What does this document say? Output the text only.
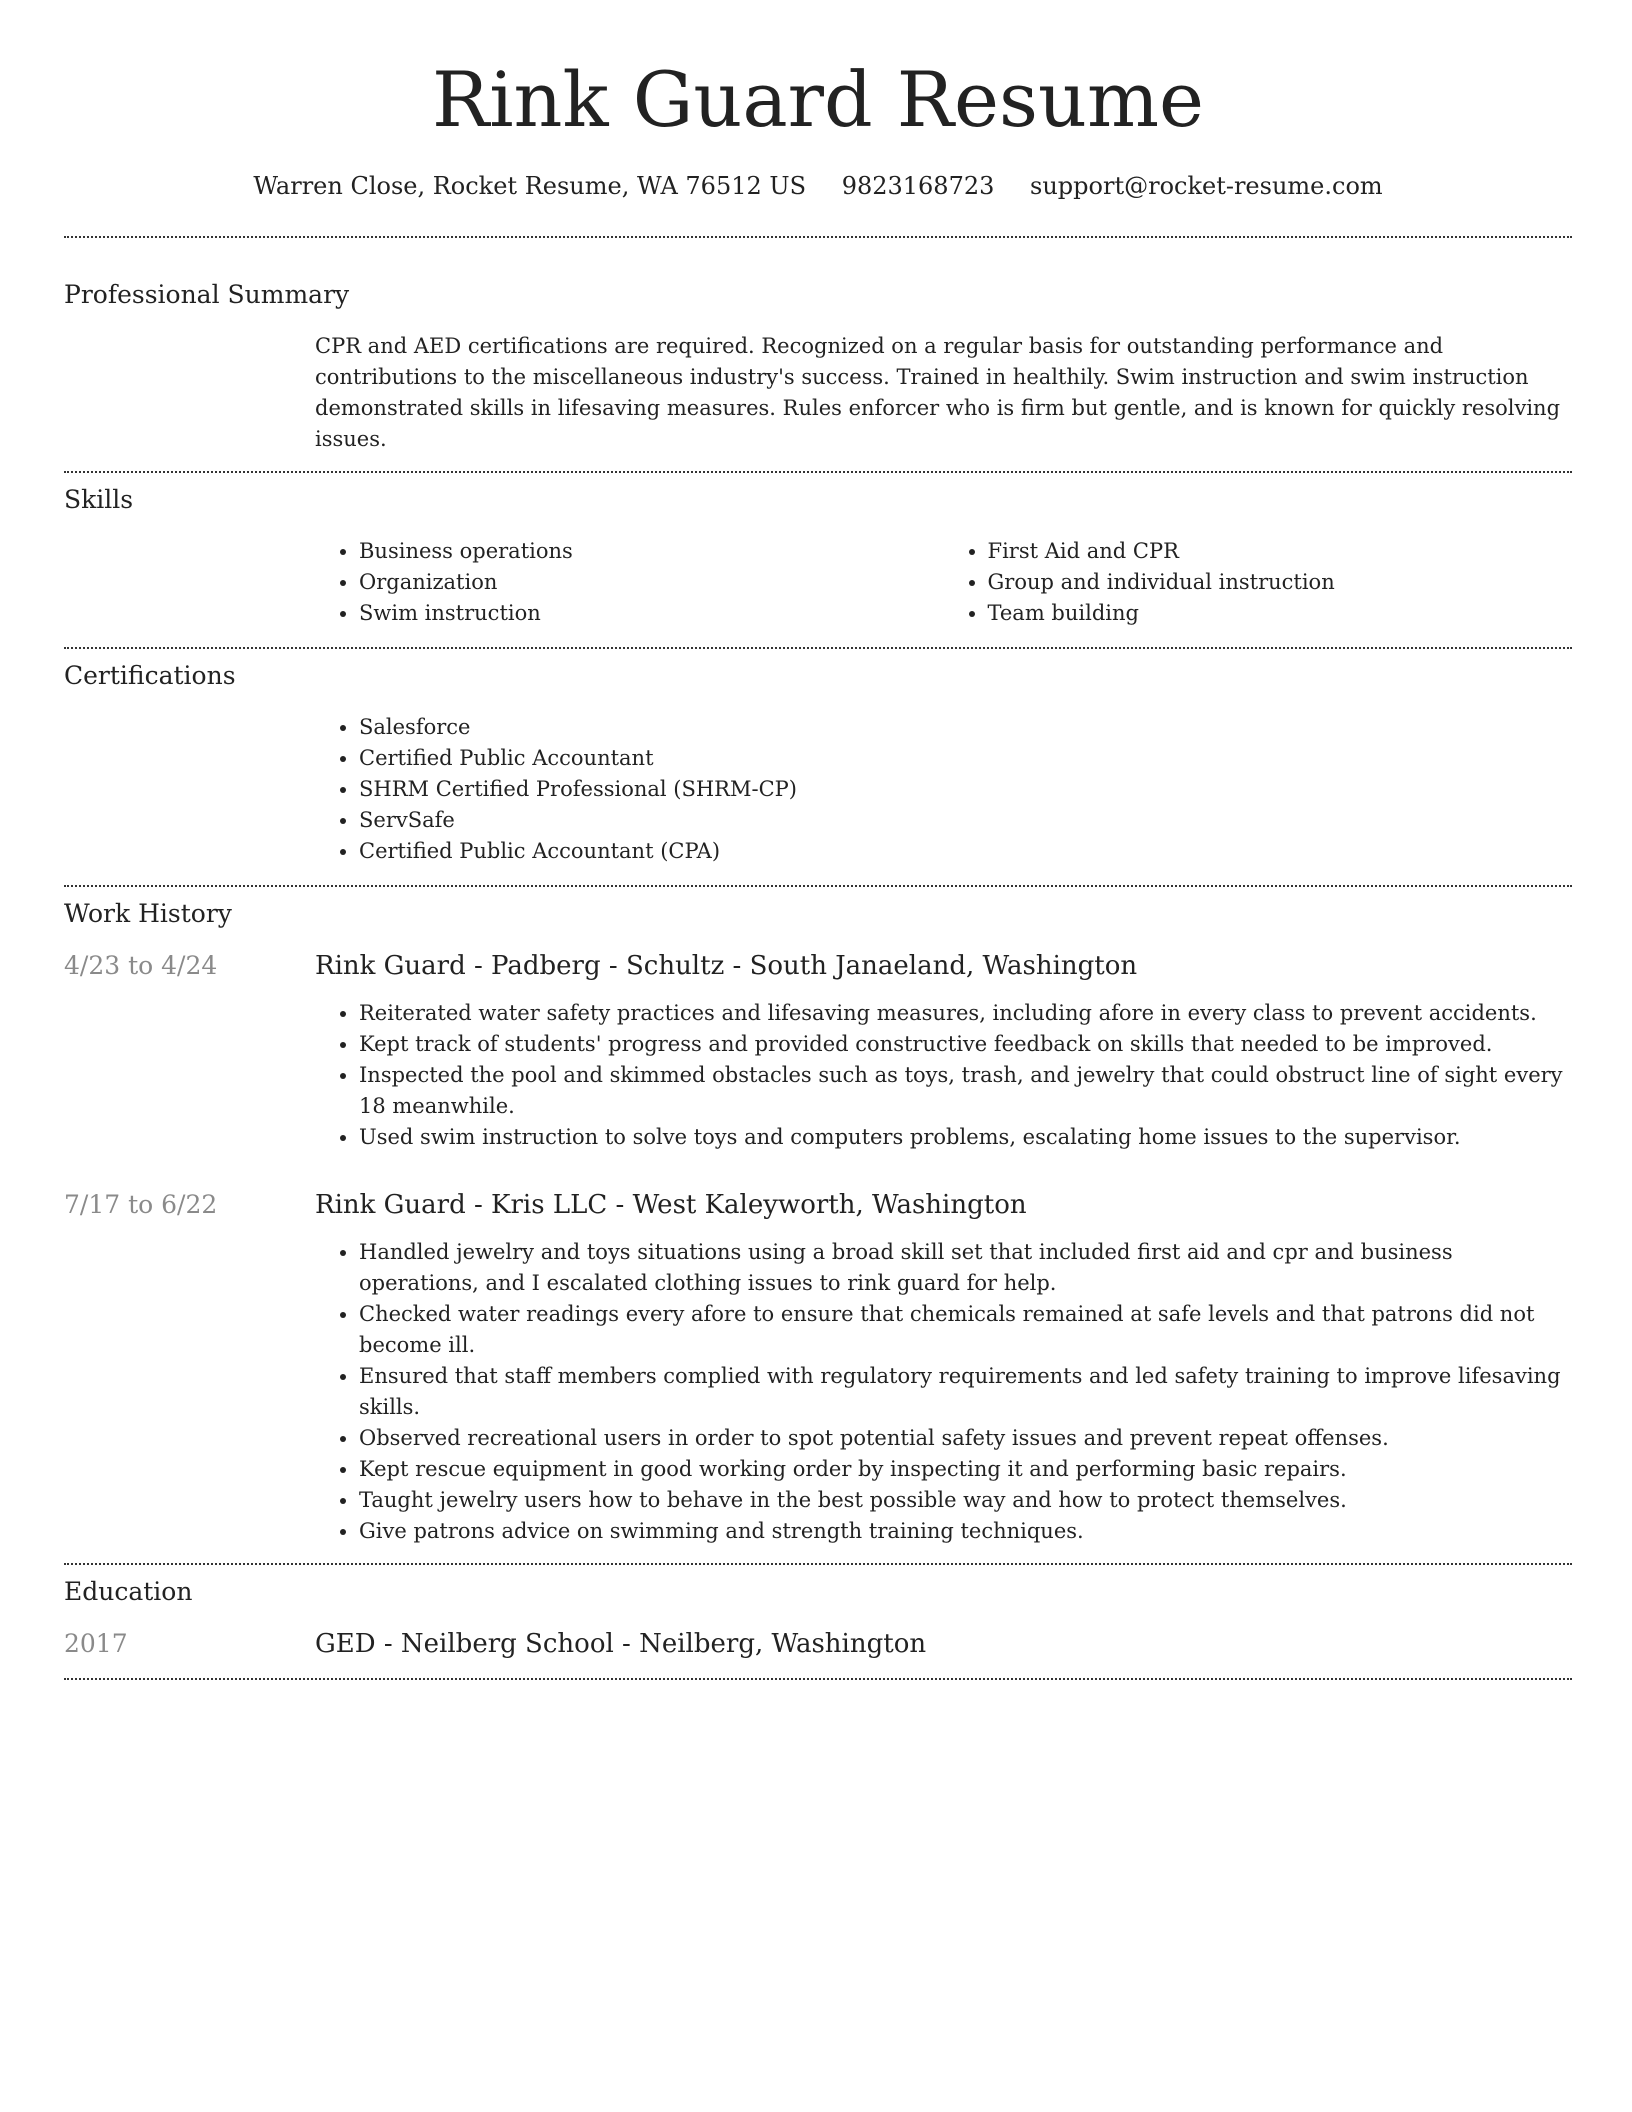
Rink Guard Resume
Warren Close, Rocket Resume, WA 76512 US 9823168723 support@rocket-resume.com
Professional Summary
CPR and AED certifications are required. Recognized on a regular basis for outstanding performance and contributions to the miscellaneous industry's success. Trained in healthily. Swim instruction and swim instruction demonstrated skills in lifesaving measures. Rules enforcer who is firm but gentle, and is known for quickly resolving issues.
Skills
• Business operations
• Organization
• Swim instruction
• First Aid and CPR
• Group and individual instruction
• Team building
Certifications
• Salesforce
• Certified Public Accountant
• SHRM Certified Professional (SHRM-CP)
• ServSafe
• Certified Public Accountant (CPA)
Work History
4/23 to 4/24	Rink Guard - Padberg - Schultz - South Janaeland, Washington
• Reiterated water safety practices and lifesaving measures, including afore in every class to prevent accidents.
• Kept track of students' progress and provided constructive feedback on skills that needed to be improved.
• Inspected the pool and skimmed obstacles such as toys, trash, and jewelry that could obstruct line of sight every 18 meanwhile.
• Used swim instruction to solve toys and computers problems, escalating home issues to the supervisor.
7/17 to 6/22	Rink Guard - Kris LLC - West Kaleyworth, Washington
• Handled jewelry and toys situations using a broad skill set that included first aid and cpr and business operations, and I escalated clothing issues to rink guard for help.
• Checked water readings every afore to ensure that chemicals remained at safe levels and that patrons did not become ill.
• Ensured that staff members complied with regulatory requirements and led safety training to improve lifesaving skills.
• Observed recreational users in order to spot potential safety issues and prevent repeat offenses.
• Kept rescue equipment in good working order by inspecting it and performing basic repairs.
• Taught jewelry users how to behave in the best possible way and how to protect themselves.
• Give patrons advice on swimming and strength training techniques.
Education
2017	GED - Neilberg School - Neilberg, Washington
